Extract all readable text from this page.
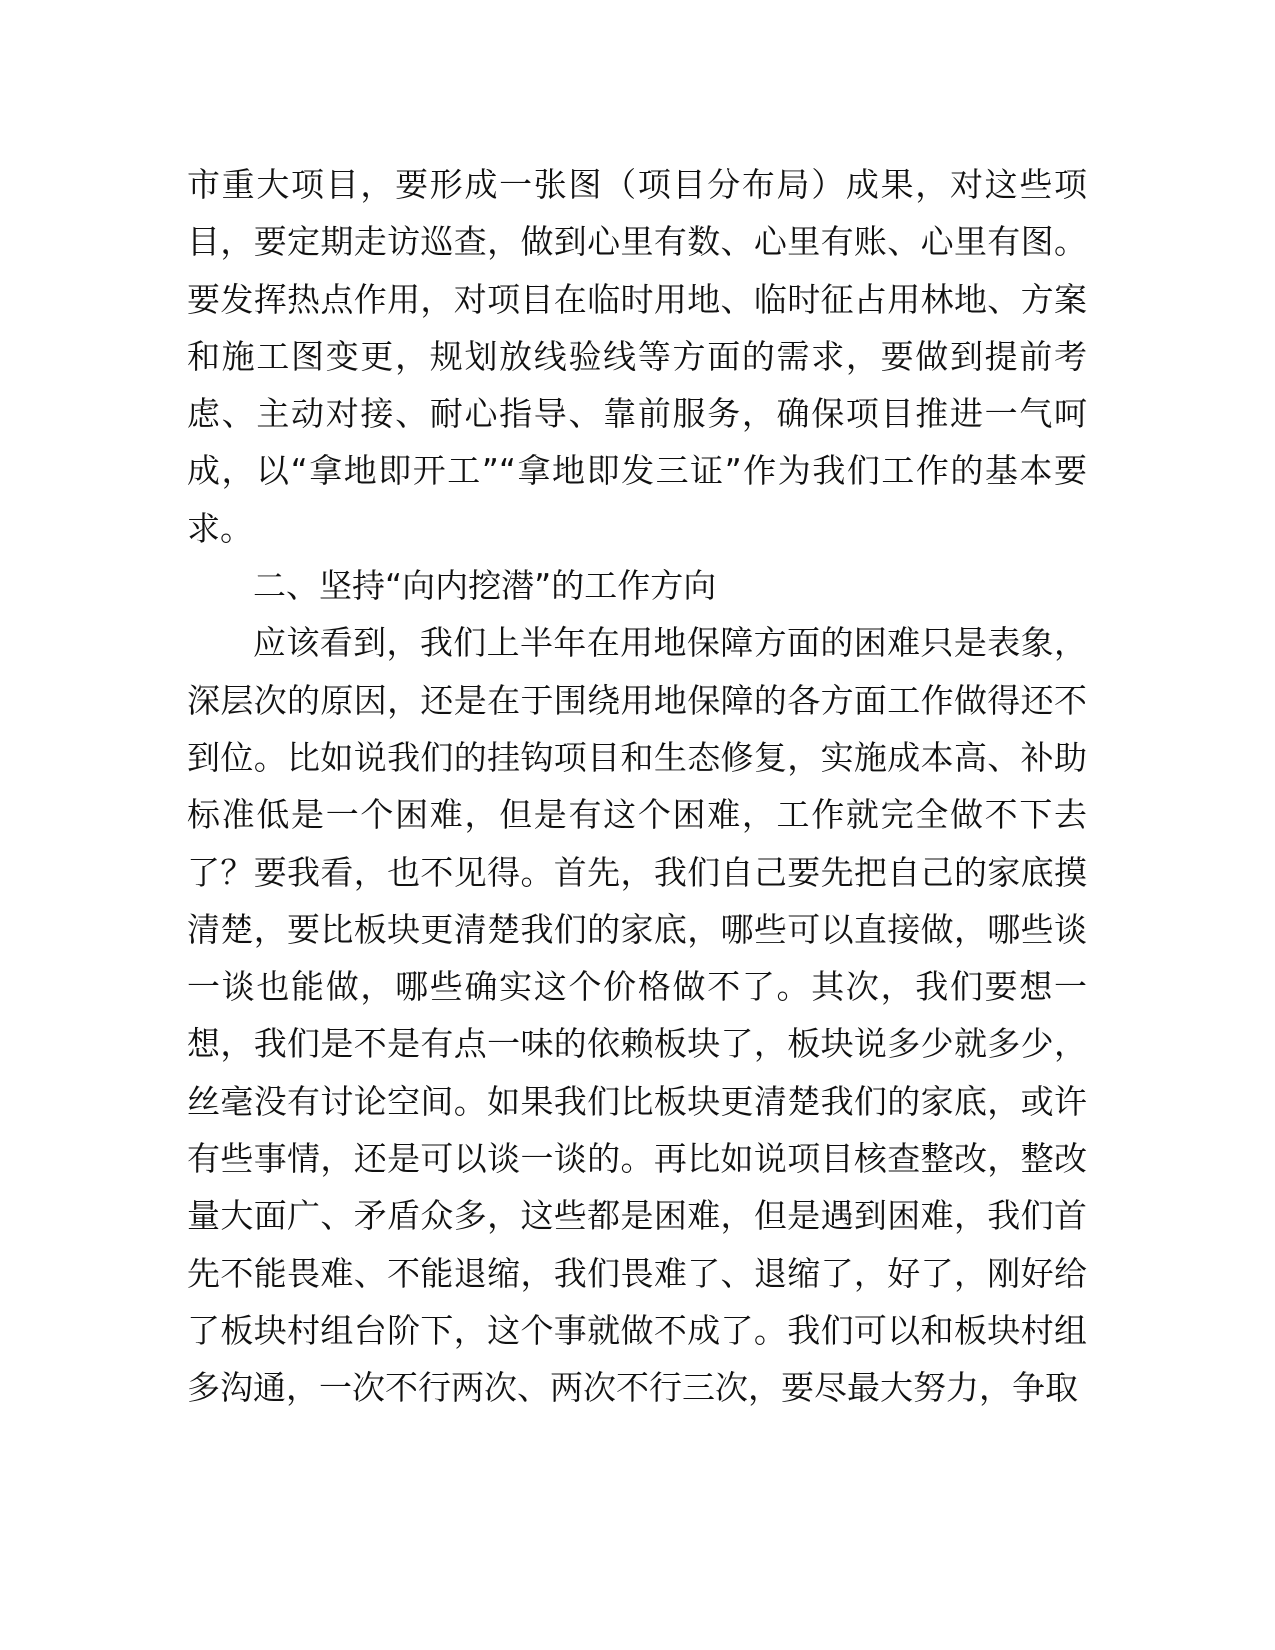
市重大项目，要形成一张图（项目分布局）成果，对这些项目，要定期走访巡查，做到心里有数、心里有账、心里有图。要发挥热点作用，对项目在临时用地、临时征占用林地、方案和施工图变更，规划放线验线等方面的需求，要做到提前考虑、主动对接、耐心指导、靠前服务，确保项目推进一气呵成，以“拿地即开工”“拿地即发三证”作为我们工作的基本要求。

二、坚持“向内挖潜”的工作方向

应该看到，我们上半年在用地保障方面的困难只是表象，深层次的原因，还是在于围绕用地保障的各方面工作做得还不到位。比如说我们的挂钩项目和生态修复，实施成本高、补助标准低是一个困难，但是有这个困难，工作就完全做不下去了？要我看，也不见得。首先，我们自己要先把自己的家底摸清楚，要比板块更清楚我们的家底，哪些可以直接做，哪些谈一谈也能做，哪些确实这个价格做不了。其次，我们要想一想，我们是不是有点一味的依赖板块了，板块说多少就多少，丝毫没有讨论空间。如果我们比板块更清楚我们的家底，或许有些事情，还是可以谈一谈的。再比如说项目核查整改，整改量大面广、矛盾众多，这些都是困难，但是遇到困难，我们首先不能畏难、不能退缩，我们畏难了、退缩了，好了，刚好给了板块村组台阶下，这个事就做不成了。我们可以和板块村组多沟通，一次不行两次、两次不行三次，要尽最大努力，争取
